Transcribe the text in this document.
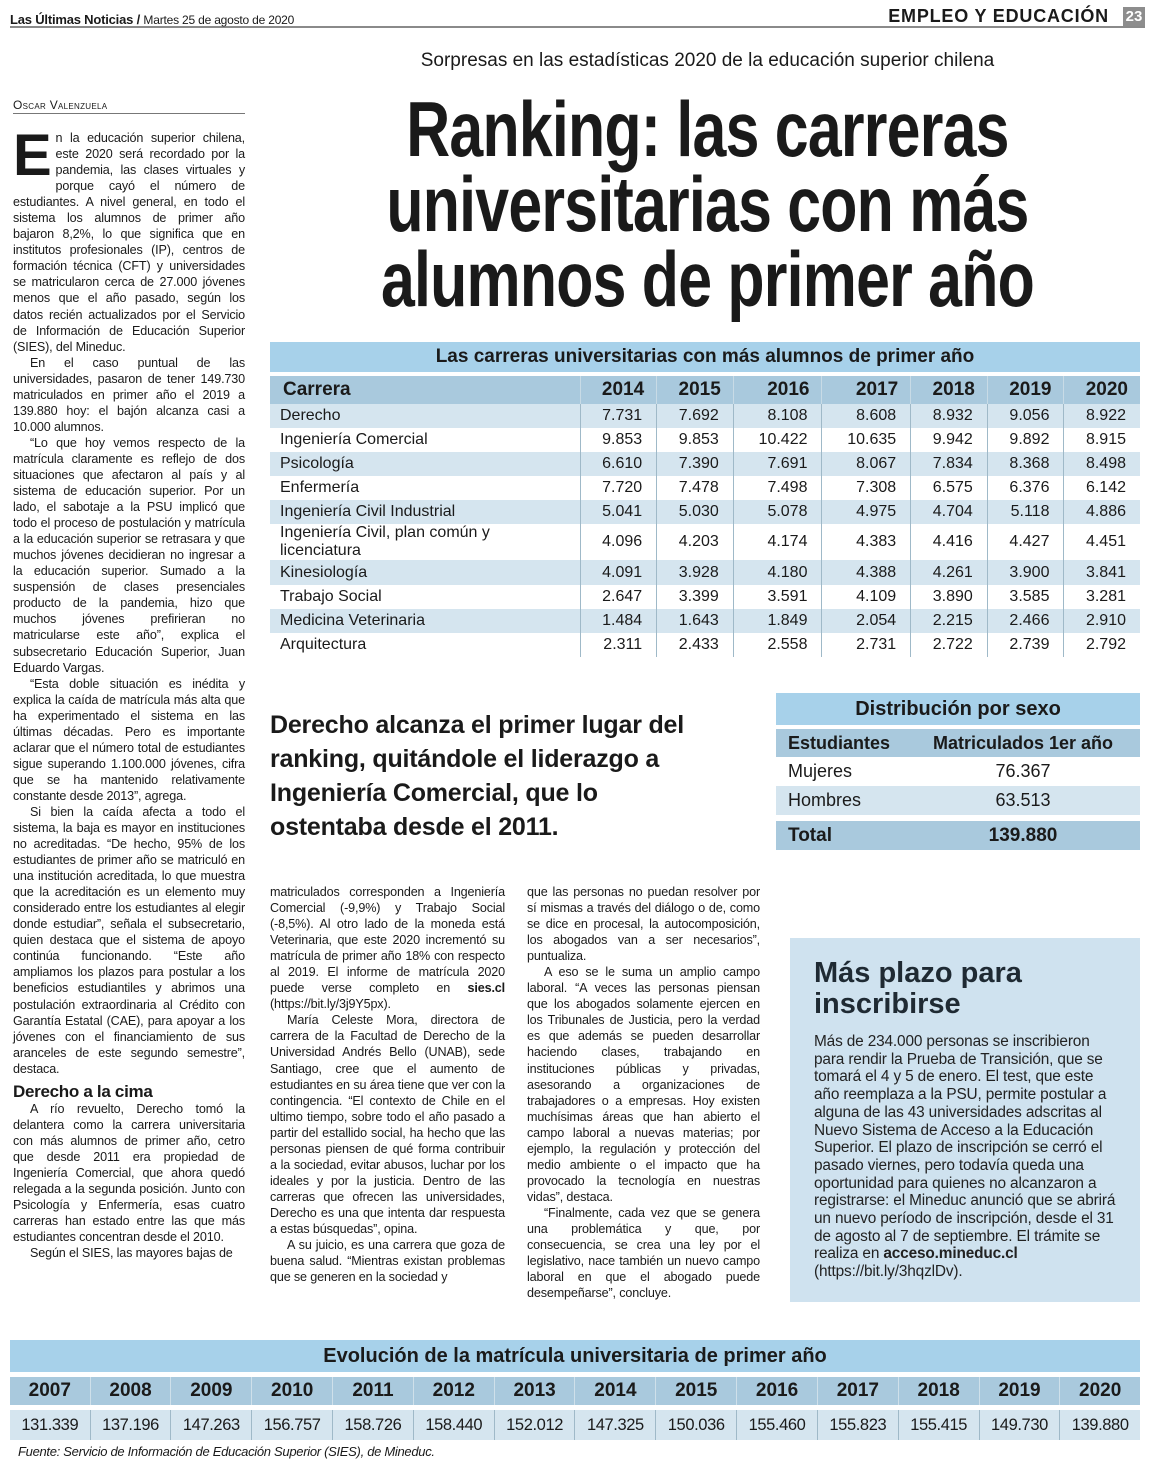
Las Últimas Noticias / Martes 25 de agosto de 2020	EMPLEO Y EDUCACIÓN 23
Sorpresas en las estadísticas 2020 de la educación superior chilena
Ranking: las carreras
universitarias con más
alumnos de primer año
Oscar Valenzuela

En la educación superior chilena, este 2020 será recordado por la pandemia, las clases virtuales y porque cayó el número de estudiantes. A nivel general, en todo el sistema los alumnos de primer año bajaron 8,2%, lo que significa que en institutos profesionales (IP), centros de formación técnica (CFT) y universidades se matricularon cerca de 27.000 jóvenes menos que el año pasado, según los datos recién actualizados por el Servicio de Información de Educación Superior (SIES), del Mineduc.

En el caso puntual de las universidades, pasaron de tener 149.730 matriculados en primer año el 2019 a 139.880 hoy: el bajón alcanza casi a 10.000 alumnos.

“Lo que hoy vemos respecto de la matrícula claramente es reflejo de dos situaciones que afectaron al país y al sistema de educación superior. Por un lado, el sabotaje a la PSU implicó que todo el proceso de postulación y matrícula a la educación superior se retrasara y que muchos jóvenes decidieran no ingresar a la educación superior. Sumado a la suspensión de clases presenciales producto de la pandemia, hizo que muchos jóvenes prefirieran no matricularse este año”, explica el subsecretario Educación Superior, Juan Eduardo Vargas.

“Esta doble situación es inédita y explica la caída de matrícula más alta que ha experimentado el sistema en las últimas décadas. Pero es importante aclarar que el número total de estudiantes sigue superando 1.100.000 jóvenes, cifra que se ha mantenido relativamente constante desde 2013”, agrega.

Si bien la caída afecta a todo el sistema, la baja es mayor en instituciones no acreditadas. “De hecho, 95% de los estudiantes de primer año se matriculó en una institución acreditada, lo que muestra que la acreditación es un elemento muy considerado entre los estudiantes al elegir donde estudiar”, señala el subsecretario, quien destaca que el sistema de apoyo continúa funcionando. “Este año ampliamos los plazos para postular a los beneficios estudiantiles y abrimos una postulación extraordinaria al Crédito con Garantía Estatal (CAE), para apoyar a los jóvenes con el financiamiento de sus aranceles de este segundo semestre”, destaca.

Derecho a la cima

A río revuelto, Derecho tomó la delantera como la carrera universitaria con más alumnos de primer año, cetro que desde 2011 era propiedad de Ingeniería Comercial, que ahora quedó relegada a la segunda posición. Junto con Psicología y Enfermería, esas cuatro carreras han estado entre las que más estudiantes concentran desde el 2010.

Según el SIES, las mayores bajas de

matriculados corresponden a Ingeniería Comercial (-9,9%) y Trabajo Social (-8,5%). Al otro lado de la moneda está Veterinaria, que este 2020 incrementó su matrícula de primer año 18% con respecto al 2019. El informe de matrícula 2020 puede verse completo en sies.cl (https://bit.ly/3j9Y5px).

María Celeste Mora, directora de carrera de la Facultad de Derecho de la Universidad Andrés Bello (UNAB), sede Santiago, cree que el aumento de estudiantes en su área tiene que ver con la contingencia. “El contexto de Chile en el ultimo tiempo, sobre todo el año pasado a partir del estallido social, ha hecho que las personas piensen de qué forma contribuir a la sociedad, evitar abusos, luchar por los ideales y por la justicia. Dentro de las carreras que ofrecen las universidades, Derecho es una que intenta dar respuesta a estas búsquedas”, opina.

A su juicio, es una carrera que goza de buena salud. “Mientras existan problemas que se generen en la sociedad y

que las personas no puedan resolver por sí mismas a través del diálogo o de, como se dice en procesal, la autocomposición, los abogados van a ser necesarios”, puntualiza.

A eso se le suma un amplio campo laboral. “A veces las personas piensan que los abogados solamente ejercen en los Tribunales de Justicia, pero la verdad es que además se pueden desarrollar haciendo clases, trabajando en instituciones públicas y privadas, asesorando a organizaciones de trabajadores o a empresas. Hoy existen muchísimas áreas que han abierto el campo laboral a nuevas materias; por ejemplo, la regulación y protección del medio ambiente o el impacto que ha provocado la tecnología en nuestras vidas”, destaca.

“Finalmente, cada vez que se genera una problemática y que, por consecuencia, se crea una ley por el legislativo, nace también un nuevo campo laboral en que el abogado puede desempeñarse”, concluye.

Las carreras universitarias con más alumnos de primer año
Carrera	2014	2015	2016	2017	2018	2019	2020
Derecho	7.731	7.692	8.108	8.608	8.932	9.056	8.922
Ingeniería Comercial	9.853	9.853	10.422	10.635	9.942	9.892	8.915
Psicología	6.610	7.390	7.691	8.067	7.834	8.368	8.498
Enfermería	7.720	7.478	7.498	7.308	6.575	6.376	6.142
Ingeniería Civil Industrial	5.041	5.030	5.078	4.975	4.704	5.118	4.886
Ingeniería Civil, plan común y licenciatura	4.096	4.203	4.174	4.383	4.416	4.427	4.451
Kinesiología	4.091	3.928	4.180	4.388	4.261	3.900	3.841
Trabajo Social	2.647	3.399	3.591	4.109	3.890	3.585	3.281
Medicina Veterinaria	1.484	1.643	1.849	2.054	2.215	2.466	2.910
Arquitectura	2.311	2.433	2.558	2.731	2.722	2.739	2.792
Derecho alcanza el primer lugar del ranking, quitándole el liderazgo a Ingeniería Comercial, que lo ostentaba desde el 2011.
Distribución por sexo
Estudiantes	Matriculados 1er año
Mujeres	76.367
Hombres	63.513
Total	139.880
Más plazo para inscribirse

Más de 234.000 personas se inscribieron para rendir la Prueba de Transición, que se tomará el 4 y 5 de enero. El test, que este año reemplaza a la PSU, permite postular a alguna de las 43 universidades adscritas al Nuevo Sistema de Acceso a la Educación Superior. El plazo de inscripción se cerró el pasado viernes, pero todavía queda una oportunidad para quienes no alcanzaron a registrarse: el Mineduc anunció que se abrirá un nuevo período de inscripción, desde el 31 de agosto al 7 de septiembre. El trámite se realiza en acceso.mineduc.cl (https://bit.ly/3hqzlDv).

Evolución de la matrícula universitaria de primer año
2007	2008	2009	2010	2011	2012	2013	2014	2015	2016	2017	2018	2019	2020

131.339	137.196	147.263	156.757	158.726	158.440	152.012	147.325	150.036	155.460	155.823	155.415	149.730	139.880
Fuente: Servicio de Información de Educación Superior (SIES), de Mineduc.
